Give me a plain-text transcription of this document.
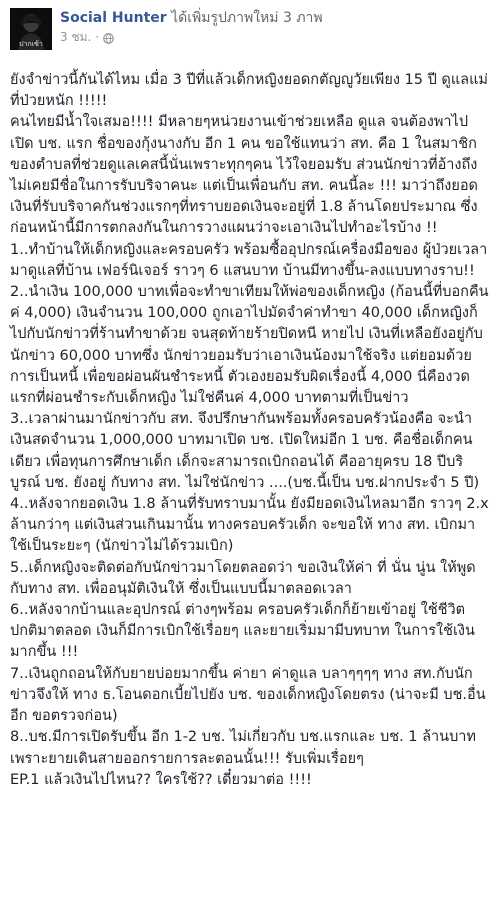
ปากเซ้า
Social Hunter ได้เพิ่มรูปภาพใหม่ 3 ภาพ
3 ชม. ·

ยังจำข่าวนี้กันได้ไหม เมื่อ 3 ปีที่แล้วเด็กหญิงยอดกตัญญูวัยเพียง 15 ปี ดูแลแม่ที่ป่วยหนัก !!!!!

คนไทยมีน้ำใจเสมอ!!!! มีหลายๆหน่วยงานเข้าช่วยเหลือ ดูแล จนต้องพาไปเปิด บช. แรก ชื่อของกุ้งนางกับ อีก 1 คน ขอใช้แทนว่า สท. คือ 1 ในสมาชิกของตำบลที่ช่วยดูแลเคสนี้นั่นเพราะทุกๆคน ไว้ใจยอมรับ ส่วนนักข่าวที่อ้างถึงไม่เคยมีชื่อในการรับบริจาคนะ แต่เป็นเพื่อนกับ สท. คนนี้ละ !!! มาว่าถึงยอดเงินที่รับบริจาคกันช่วงแรกๆที่ทราบยอดเงินจะอยู่ที่ 1.8 ล้านโดยประมาณ ซึ่งก่อนหน้านี้มีการตกลงกันในการวางแผนว่าจะเอาเงินไปทำอะไรบ้าง !!

1..ทำบ้านให้เด็กหญิงและครอบครัว พร้อมซื้ออุปกรณ์เครื่องมือของ ผู้ป่วยเวลามาดูแลที่บ้าน เฟอร์นิเจอร์ ราวๆ 6 แสนบาท บ้านมีทางขึ้น-ลงแบบทางราบ!!

2..นำเงิน 100,000 บาทเพื่อจะทำขาเทียมให้พ่อของเด็กหญิง (ก้อนนี้ที่บอกคืนค่ 4,000) เงินจำนวน 100,000 ถูกเอาไปมัดจำค่าทำขา 40,000 เด็กหญิงก็ไปกับนักข่าวที่ร้านทำขาด้วย จนสุดท้ายร้ายปิดหนี หายไป เงินที่เหลือยังอยู่กับนักข่าว 60,000 บาทซึ่ง นักข่าวยอมรับว่าเอาเงินน้องมาใช้จริง แต่ยอมด้วยการเป็นหนี้ เพื่อขอผ่อนผันชำระหนี้ ตัวเองยอมรับผิดเรื่องนี้ 4,000 นี่คืองวดแรกที่ผ่อนชำระกับเด็กหญิง ไม่ใช่คืนค่ 4,000 บาทตามที่เป็นข่าว

3..เวลาผ่านมานักข่าวกับ สท. จึงปรึกษากันพร้อมทั้งครอบครัวน้องคือ จะนำเงินสดจำนวน 1,000,000 บาทมาเปิด บช. เปิดใหม่อีก 1 บช. คือชื่อเด็กคนเดียว เพื่อทุนการศึกษาเด็ก เด็กจะสามารถเบิกถอนได้ คืออายุครบ 18 ปีบริบูรณ์ บช. ยังอยู่ กับทาง สท. ไม่ใช่นักข่าว ....(บช.นี้เป็น บช.ฝากประจำ 5 ปี)

4..หลังจากยอดเงิน 1.8 ล้านที่รับทราบมานั้น ยังมียอดเงินไหลมาอีก ราวๆ 2.x ล้านกว่าๆ แต่เงินส่วนเกินมานั้น ทางครอบครัวเด็ก จะขอให้ ทาง สท. เบิกมาใช้เป็นระยะๆ (นักข่าวไม่ได้รวมเบิก)

5..เด็กหญิงจะติดต่อกับนักข่าวมาโดยตลอดว่า ขอเงินให้ค่า ที่ นั่น นู่น ให้พูดกับทาง สท. เพื่ออนุมัติเงินให้ ซึ่งเป็นแบบนี้มาตลอดเวลา

6..หลังจากบ้านและอุปกรณ์ ต่างๆพร้อม ครอบครัวเด็กก็ย้ายเข้าอยู่ ใช้ชีวิตปกติมาตลอด เงินก็มีการเบิกใช้เรื่อยๆ และยายเริ่มมามีบทบาท ในการใช้เงินมากขึ้น !!!

7..เงินถูกถอนให้กับยายบ่อยมากขึ้น ค่ายา ค่าดูแล บลาๆๆๆๆ ทาง สท.กับนักข่าวจึงให้ ทาง ธ.โอนดอกเบี้ยไปยัง บช. ของเด็กหญิงโดยตรง (น่าจะมี บช.อื่นอีก ขอตรวจก่อน)

8..บช.มีการเปิดรับขึ้น อีก 1-2 บช. ไม่เกี่ยวกับ บช.แรกและ บช. 1 ล้านบาทเพราะยายเดินสายออกรายการละตอนนั้น!!! รับเพิ่มเรื่อยๆ

EP.1 แล้วเงินไปไหน?? ใครใช้?? เดี๋ยวมาต่อ !!!!
